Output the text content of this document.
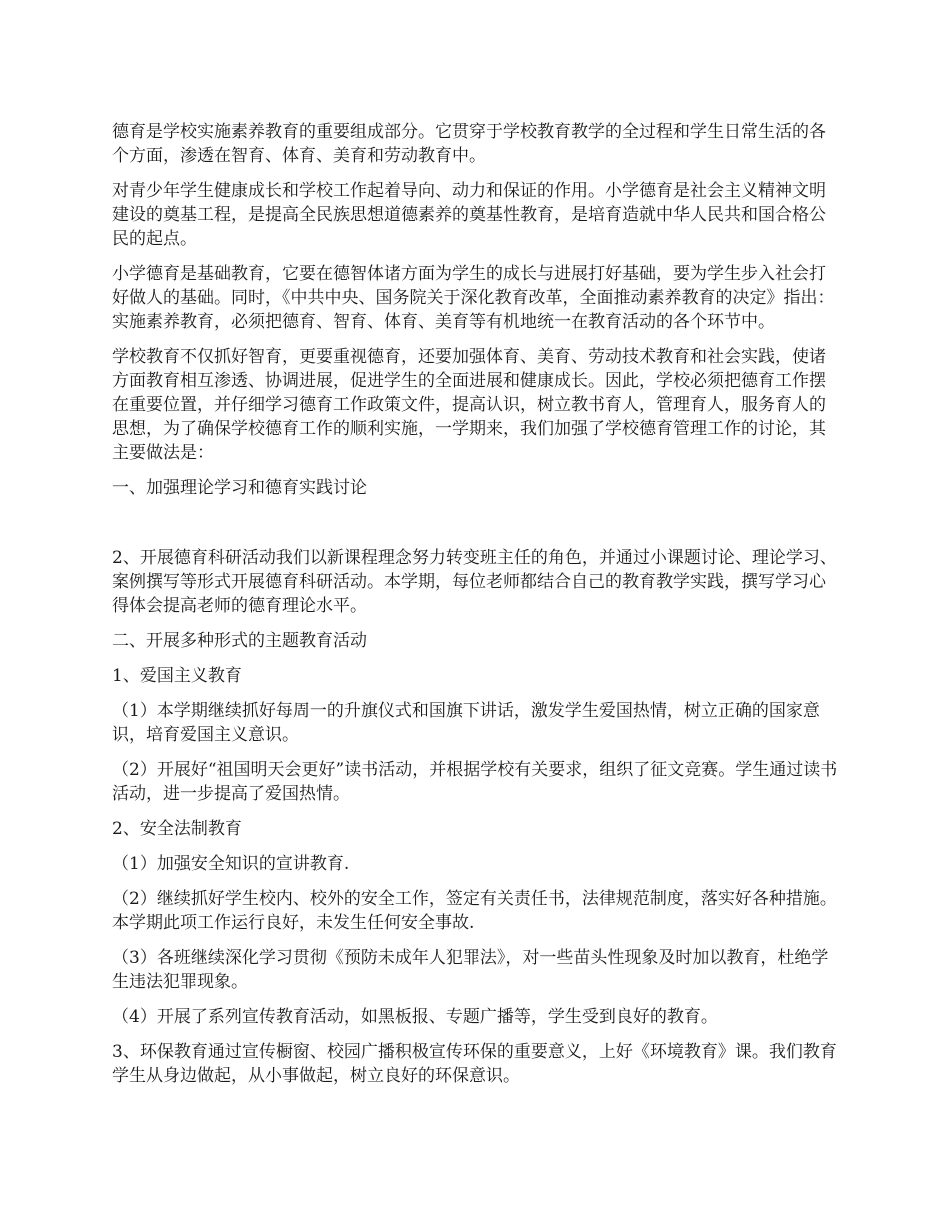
德育是学校实施素养教育的重要组成部分。它贯穿于学校教育教学的全过程和学生日常生活的各个方面，渗透在智育、体育、美育和劳动教育中。

对青少年学生健康成长和学校工作起着导向、动力和保证的作用。小学德育是社会主义精神文明建设的奠基工程，是提高全民族思想道德素养的奠基性教育，是培育造就中华人民共和国合格公民的起点。

小学德育是基础教育，它要在德智体诸方面为学生的成长与进展打好基础，要为学生步入社会打好做人的基础。同时，《中共中央、国务院关于深化教育改革，全面推动素养教育的决定》指出：实施素养教育，必须把德育、智育、体育、美育等有机地统一在教育活动的各个环节中。

学校教育不仅抓好智育，更要重视德育，还要加强体育、美育、劳动技术教育和社会实践，使诸方面教育相互渗透、协调进展，促进学生的全面进展和健康成长。因此，学校必须把德育工作摆在重要位置，并仔细学习德育工作政策文件，提高认识，树立教书育人，管理育人，服务育人的思想，为了确保学校德育工作的顺利实施，一学期来，我们加强了学校德育管理工作的讨论，其主要做法是：

一、加强理论学习和德育实践讨论

2、开展德育科研活动我们以新课程理念努力转变班主任的角色，并通过小课题讨论、理论学习、案例撰写等形式开展德育科研活动。本学期，每位老师都结合自己的教育教学实践，撰写学习心得体会提高老师的德育理论水平。

二、开展多种形式的主题教育活动

1、爱国主义教育

（1）本学期继续抓好每周一的升旗仪式和国旗下讲话，激发学生爱国热情，树立正确的国家意识，培育爱国主义意识。

（2）开展好“祖国明天会更好”读书活动，并根据学校有关要求，组织了征文竞赛。学生通过读书活动，进一步提高了爱国热情。

2、安全法制教育

（1）加强安全知识的宣讲教育.

（2）继续抓好学生校内、校外的安全工作，签定有关责任书，法律规范制度，落实好各种措施。本学期此项工作运行良好，未发生任何安全事故.

（3）各班继续深化学习贯彻《预防未成年人犯罪法》，对一些苗头性现象及时加以教育，杜绝学生违法犯罪现象。

（4）开展了系列宣传教育活动，如黑板报、专题广播等，学生受到良好的教育。

3、环保教育通过宣传橱窗、校园广播积极宣传环保的重要意义，上好《环境教育》课。我们教育学生从身边做起，从小事做起，树立良好的环保意识。
